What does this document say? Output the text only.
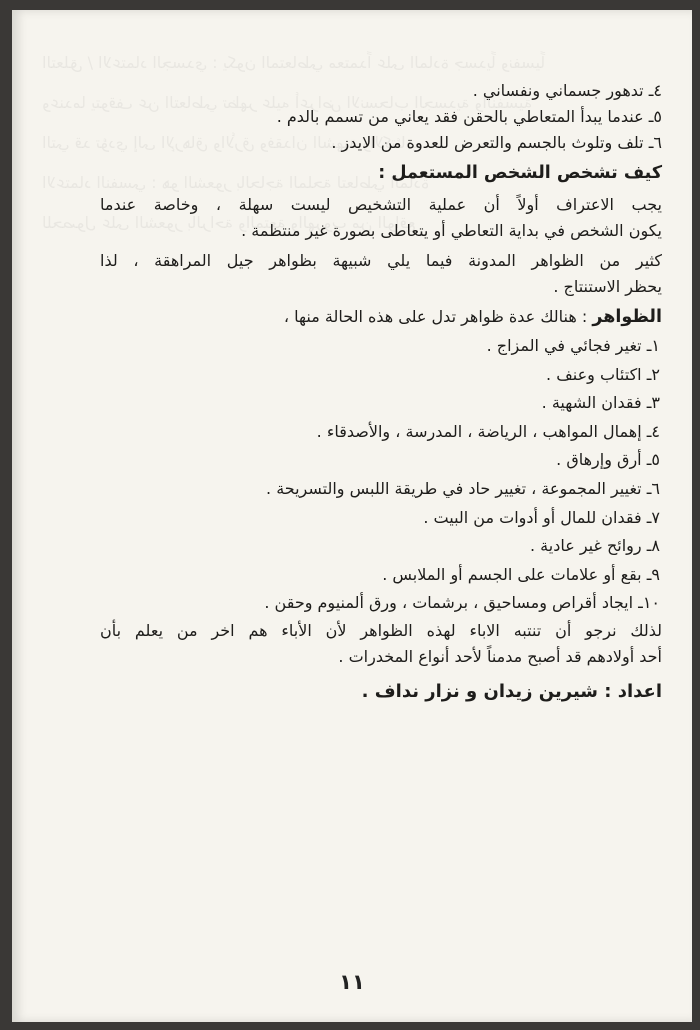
التعلق / الاعتماد الجسدي : يكون المتعاطي معتمداً على المادة جسدياً ونفسياً

وعندما يتوقف عن التعاطي تظهر عليه أعراض الانسحاب الجسدية والنفسية

التي قد تؤدي إلى الإرهاق والأرق وفقدان الشهية والاكتئاب

الاعتماد النفسي : هو الشعور بالحاجة الملحة لتعاطي المادة

للحصول على الشعور بالراحة والمتعة والهروب من الواقع

٤ـ تدهور جسماني ونفساني .

٥ـ عندما يبدأ المتعاطي بالحقن فقد يعاني من تسمم بالدم .

٦ـ تلف وتلوث بالجسم والتعرض للعدوة من الايدز .

كيف تشخص الشخص المستعمل :

يجب الاعتراف أولاً أن عملية التشخيص ليست سهلة ، وخاصة عندما

يكون الشخص في بداية التعاطي أو يتعاطى بصورة غير منتظمة .

كثير من الظواهر المدونة فيما يلي شبيهة بظواهر جيل المراهقة ، لذا

يحظر الاستنتاج .

الظواهر : هنالك عدة ظواهر تدل على هذه الحالة منها ،

١ـ تغير فجائي في المزاج .
٢ـ اكتئاب وعنف .
٣ـ فقدان الشهية .
٤ـ إهمال المواهب ، الرياضة ، المدرسة ، والأصدقاء .
٥ـ أرق وإرهاق .
٦ـ تغيير المجموعة ، تغيير حاد في طريقة اللبس والتسريحة .
٧ـ فقدان للمال أو أدوات من البيت .
٨ـ روائح غير عادية .
٩ـ بقع أو علامات على الجسم أو الملابس .
١٠ـ ايجاد أقراص ومساحيق ، برشمات ، ورق ألمنيوم وحقن .

لذلك نرجو أن تنتبه الاباء لهذه الظواهر لأن الأباء هم اخر من يعلم بأن

أحد أولادهم قد أصبح مدمناً لأحد أنواع المخدرات .

اعداد : شيرين زيدان و نزار نداف .

١١
